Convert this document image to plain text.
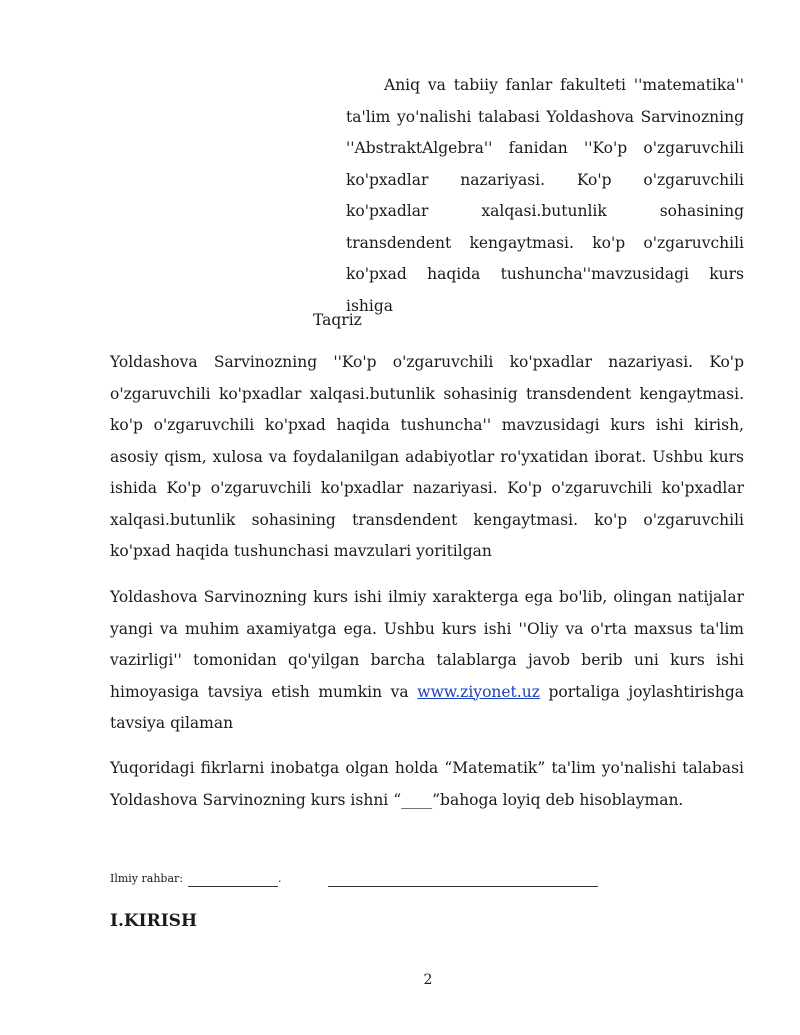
Aniq va tabiiy fanlar fakulteti ''matematika'' ta'lim yo'nalishi talabasi Yoldashova Sarvinozning ''AbstraktAlgebra'' fanidan ''Ko'p o'zgaruvchili ko'pxadlar nazariyasi. Ko'p o'zgaruvchili ko'pxadlar xalqasi.butunlik sohasining transdendent kengaytmasi. ko'p o'zgaruvchili ko'pxad haqida tushuncha''mavzusidagi kurs ishiga

Taqriz

Yoldashova Sarvinozning ''Ko'p o'zgaruvchili ko'pxadlar nazariyasi. Ko'p o'zgaruvchili ko'pxadlar xalqasi.butunlik sohasinig transdendent kengaytmasi. ko'p o'zgaruvchili ko'pxad haqida tushuncha'' mavzusidagi kurs ishi kirish, asosiy qism, xulosa va foydalanilgan adabiyotlar ro'yxatidan iborat. Ushbu kurs ishida Ko'p o'zgaruvchili ko'pxadlar nazariyasi. Ko'p o'zgaruvchili ko'pxadlar xalqasi.butunlik sohasining transdendent kengaytmasi. ko'p o'zgaruvchili ko'pxad haqida tushunchasi mavzulari yoritilgan

Yoldashova Sarvinozning kurs ishi ilmiy xarakterga ega bo'lib, olingan natijalar yangi va muhim axamiyatga ega. Ushbu kurs ishi ''Oliy va o'rta maxsus ta'lim vazirligi'' tomonidan qo'yilgan barcha talablarga javob berib uni kurs ishi himoyasiga tavsiya etish mumkin va www.ziyonet.uz portaliga joylashtirishga tavsiya qilaman

Yuqoridagi fikrlarni inobatga olgan holda “Matematik” ta'lim yo'nalishi talabasi Yoldashova Sarvinozning kurs ishni “____”bahoga loyiq deb hisoblayman.

Ilmiy rahbar:	.
I.KIRISH
2
